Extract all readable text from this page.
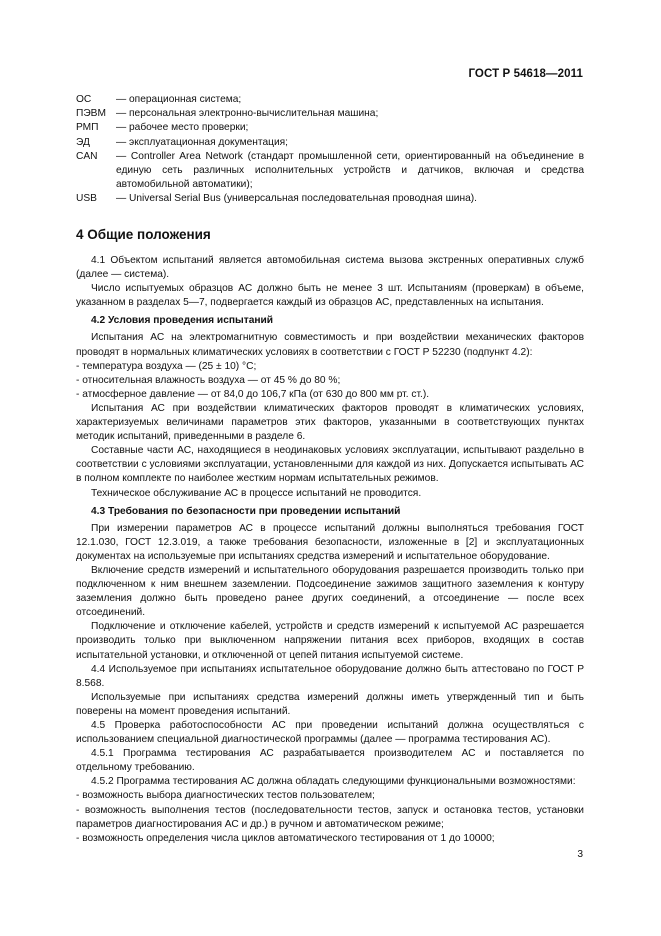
ГОСТ Р 54618—2011
ОС	— операционная система;
ПЭВМ — персональная электронно-вычислительная машина;
РМП	— рабочее место проверки;
ЭД	— эксплуатационная документация;
CAN	— Controller Area Network (стандарт промышленной сети, ориентированный на объединение в единую сеть различных исполнительных устройств и датчиков, включая и средства автомобильной автоматики);
USB	— Universal Serial Bus (универсальная последовательная проводная шина).
4 Общие положения

4.1 Объектом испытаний является автомобильная система вызова экстренных оперативных служб (далее — система).

Число испытуемых образцов АС должно быть не менее 3 шт. Испытаниям (проверкам) в объеме, указанном в разделах 5—7, подвергается каждый из образцов АС, представленных на испытания.

4.2 Условия проведения испытаний

Испытания АС на электромагнитную совместимость и при воздействии механических факторов проводят в нормальных климатических условиях в соответствии с ГОСТ Р 52230 (подпункт 4.2):

- температура воздуха — (25 ± 10) °С;

- относительная влажность воздуха — от 45 % до 80 %;

- атмосферное давление — от 84,0 до 106,7 кПа (от 630 до 800 мм рт. ст.).

Испытания АС при воздействии климатических факторов проводят в климатических условиях, характеризуемых величинами параметров этих факторов, указанными в соответствующих пунктах методик испытаний, приведенными в разделе 6.

Составные части АС, находящиеся в неодинаковых условиях эксплуатации, испытывают раздельно в соответствии с условиями эксплуатации, установленными для каждой из них. Допускается испытывать АС в полном комплекте по наиболее жестким нормам испытательных режимов.

Техническое обслуживание АС в процессе испытаний не проводится.

4.3 Требования по безопасности при проведении испытаний

При измерении параметров АС в процессе испытаний должны выполняться требования ГОСТ 12.1.030, ГОСТ 12.3.019, а также требования безопасности, изложенные в [2] и эксплуатационных документах на используемые при испытаниях средства измерений и испытательное оборудование.

Включение средств измерений и испытательного оборудования разрешается производить только при подключенном к ним внешнем заземлении. Подсоединение зажимов защитного заземления к контуру заземления должно быть проведено ранее других соединений, а отсоединение — после всех отсоединений.

Подключение и отключение кабелей, устройств и средств измерений к испытуемой АС разрешается производить только при выключенном напряжении питания всех приборов, входящих в состав испытательной установки, и отключенной от цепей питания испытуемой системе.

4.4 Используемое при испытаниях испытательное оборудование должно быть аттестовано по ГОСТ Р 8.568.

Используемые при испытаниях средства измерений должны иметь утвержденный тип и быть поверены на момент проведения испытаний.

4.5 Проверка работоспособности АС при проведении испытаний должна осуществляться с использованием специальной диагностической программы (далее — программа тестирования АС).

4.5.1 Программа тестирования АС разрабатывается производителем АС и поставляется по отдельному требованию.

4.5.2 Программа тестирования АС должна обладать следующими функциональными возможностями:

- возможность выбора диагностических тестов пользователем;

- возможность выполнения тестов (последовательности тестов, запуск и остановка тестов, установки параметров диагностирования АС и др.) в ручном и автоматическом режиме;

- возможность определения числа циклов автоматического тестирования от 1 до 10000;

3
